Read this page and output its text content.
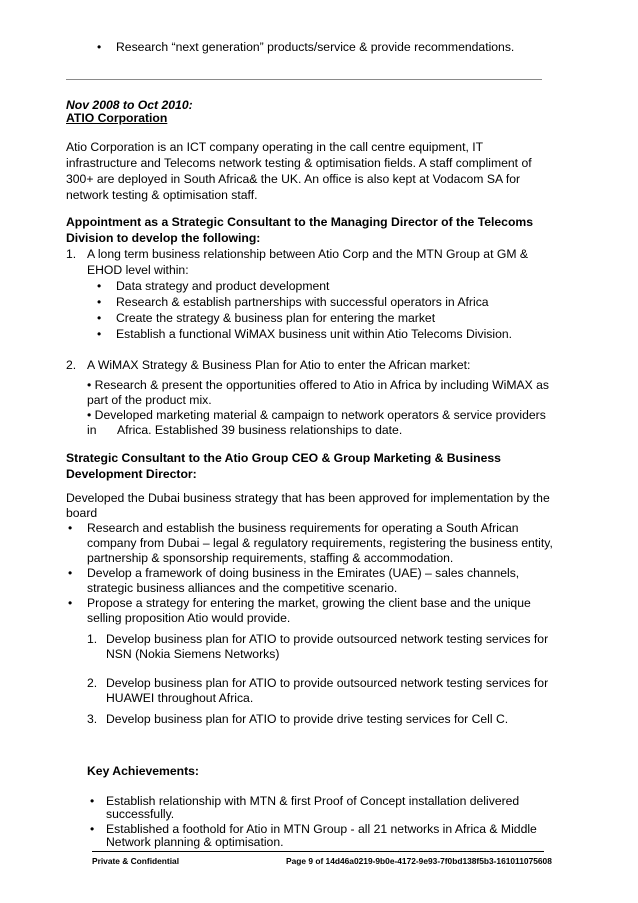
•
Research “next generation” products/service & provide recommendations.
Nov 2008 to Oct 2010:
ATIO Corporation
Atio Corporation is an ICT company operating in the call centre equipment, IT
infrastructure and Telecoms network testing & optimisation fields. A staff compliment of
300+ are deployed in South Africa& the UK. An office is also kept at Vodacom SA for
network testing & optimisation staff.
Appointment as a Strategic Consultant to the Managing Director of the Telecoms
Division to develop the following:
1. A long term business relationship between Atio Corp and the MTN Group at GM &
EHOD level within:
•
Data strategy and product development
•
Research & establish partnerships with successful operators in Africa
•
Create the strategy & business plan for entering the market
•
Establish a functional WiMAX business unit within Atio Telecoms Division.
2. A WiMAX Strategy & Business Plan for Atio to enter the African market:
• Research & present the opportunities offered to Atio in Africa by including WiMAX as
part of the product mix.
• Developed marketing material & campaign to network operators & service providers
in Africa. Established 39 business relationships to date.
Strategic Consultant to the Atio Group CEO & Group Marketing & Business
Development Director:
Developed the Dubai business strategy that has been approved for implementation by the
board
•
Research and establish the business requirements for operating a South African
company from Dubai – legal & regulatory requirements, registering the business entity,
partnership & sponsorship requirements, staffing & accommodation.
•
Develop a framework of doing business in the Emirates (UAE) – sales channels,
strategic business alliances and the competitive scenario.
•
Propose a strategy for entering the market, growing the client base and the unique
selling proposition Atio would provide.
1. Develop business plan for ATIO to provide outsourced network testing services for
NSN (Nokia Siemens Networks)
2. Develop business plan for ATIO to provide outsourced network testing services for
HUAWEI throughout Africa.
3. Develop business plan for ATIO to provide drive testing services for Cell C.
Key Achievements:
•
Establish relationship with MTN & first Proof of Concept installation delivered
successfully.
•
Established a foothold for Atio in MTN Group - all 21 networks in Africa & Middle
Network planning & optimisation.
Private & Confidential	Page 9 of 14d46a0219-9b0e-4172-9e93-7f0bd138f5b3-161011075608
